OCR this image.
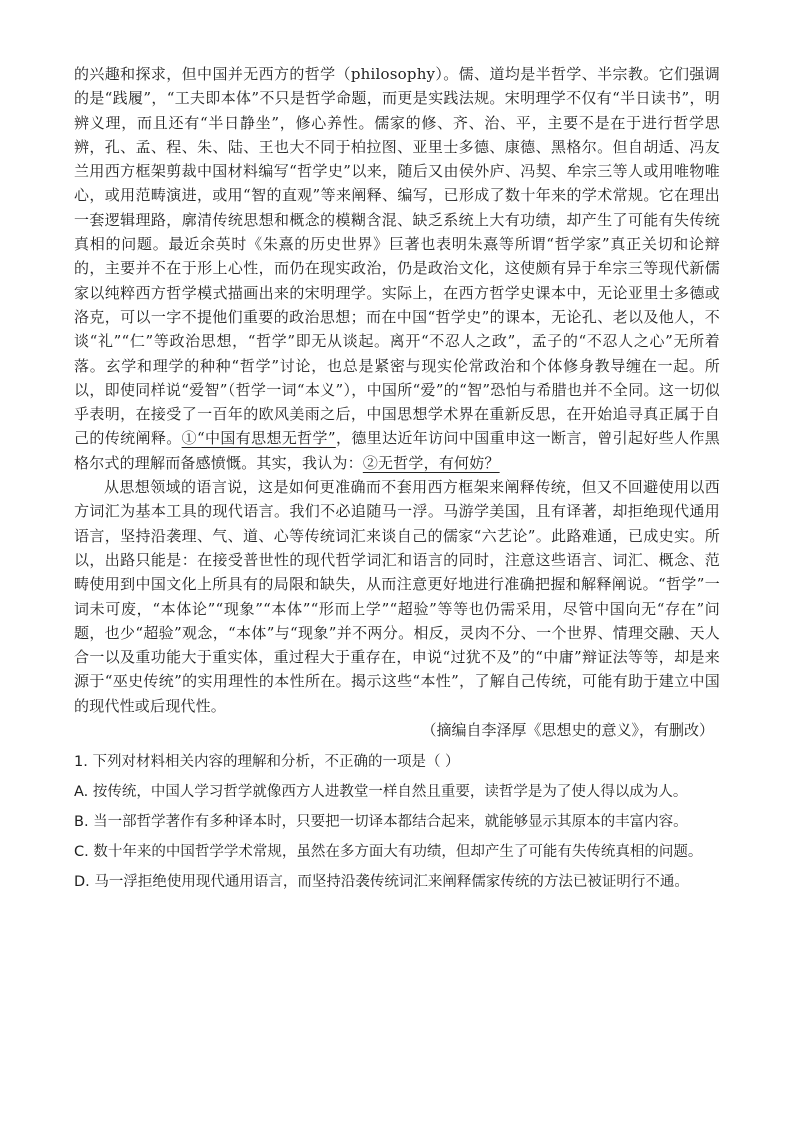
的兴趣和探求，但中国并无西方的哲学（philosophy）。儒、道均是半哲学、半宗教。它们强调的是“践履”，“工夫即本体”不只是哲学命题，而更是实践法规。宋明理学不仅有“半日读书”，明辨义理，而且还有“半日静坐”，修心养性。儒家的修、齐、治、平，主要不是在于进行哲学思辨，孔、孟、程、朱、陆、王也大不同于柏拉图、亚里士多德、康德、黑格尔。但自胡适、冯友兰用西方框架剪裁中国材料编写“哲学史”以来，随后又由侯外庐、冯契、牟宗三等人或用唯物唯心，或用范畴演进，或用“智的直观”等来阐释、编写，已形成了数十年来的学术常规。它在理出一套逻辑理路，廓清传统思想和概念的模糊含混、缺乏系统上大有功绩，却产生了可能有失传统真相的问题。最近余英时《朱熹的历史世界》巨著也表明朱熹等所谓“哲学家”真正关切和论辩的，主要并不在于形上心性，而仍在现实政治，仍是政治文化，这使颇有异于牟宗三等现代新儒家以纯粹西方哲学模式描画出来的宋明理学。实际上，在西方哲学史课本中，无论亚里士多德或洛克，可以一字不提他们重要的政治思想；而在中国“哲学史”的课本，无论孔、老以及他人，不谈“礼”“仁”等政治思想，“哲学”即无从谈起。离开“不忍人之政”，孟子的“不忍人之心”无所着落。玄学和理学的种种“哲学”讨论，也总是紧密与现实伦常政治和个体修身教导缠在一起。所以，即使同样说“爱智”（哲学一词“本义”），中国所“爱”的“智”恐怕与希腊也并不全同。这一切似乎表明，在接受了一百年的欧风美雨之后，中国思想学术界在重新反思，在开始追寻真正属于自己的传统阐释。①“中国有思想无哲学”，德里达近年访问中国重申这一断言，曾引起好些人作黑格尔式的理解而备感愤慨。其实，我认为：②无哲学，有何妨？

从思想领域的语言说，这是如何更准确而不套用西方框架来阐释传统，但又不回避使用以西方词汇为基本工具的现代语言。我们不必追随马一浮。马游学美国，且有译著，却拒绝现代通用语言，坚持沿袭理、气、道、心等传统词汇来谈自己的儒家“六艺论”。此路难通，已成史实。所以，出路只能是：在接受普世性的现代哲学词汇和语言的同时，注意这些语言、词汇、概念、范畴使用到中国文化上所具有的局限和缺失，从而注意更好地进行准确把握和解释阐说。“哲学”一词未可废，“本体论”“现象”“本体”“形而上学”“超验”等等也仍需采用，尽管中国向无“存在”问题，也少“超验”观念，“本体”与“现象”并不两分。相反，灵肉不分、一个世界、情理交融、天人合一以及重功能大于重实体，重过程大于重存在，申说“过犹不及”的“中庸”辩证法等等，却是来源于“巫史传统”的实用理性的本性所在。揭示这些“本性”，了解自己传统，可能有助于建立中国的现代性或后现代性。

（摘编自李泽厚《思想史的意义》，有删改）

1. 下列对材料相关内容的理解和分析，不正确的一项是（ ）

A. 按传统，中国人学习哲学就像西方人进教堂一样自然且重要，读哲学是为了使人得以成为人。

B. 当一部哲学著作有多种译本时，只要把一切译本都结合起来，就能够显示其原本的丰富内容。

C. 数十年来的中国哲学学术常规，虽然在多方面大有功绩，但却产生了可能有失传统真相的问题。

D. 马一浮拒绝使用现代通用语言，而坚持沿袭传统词汇来阐释儒家传统的方法已被证明行不通。
